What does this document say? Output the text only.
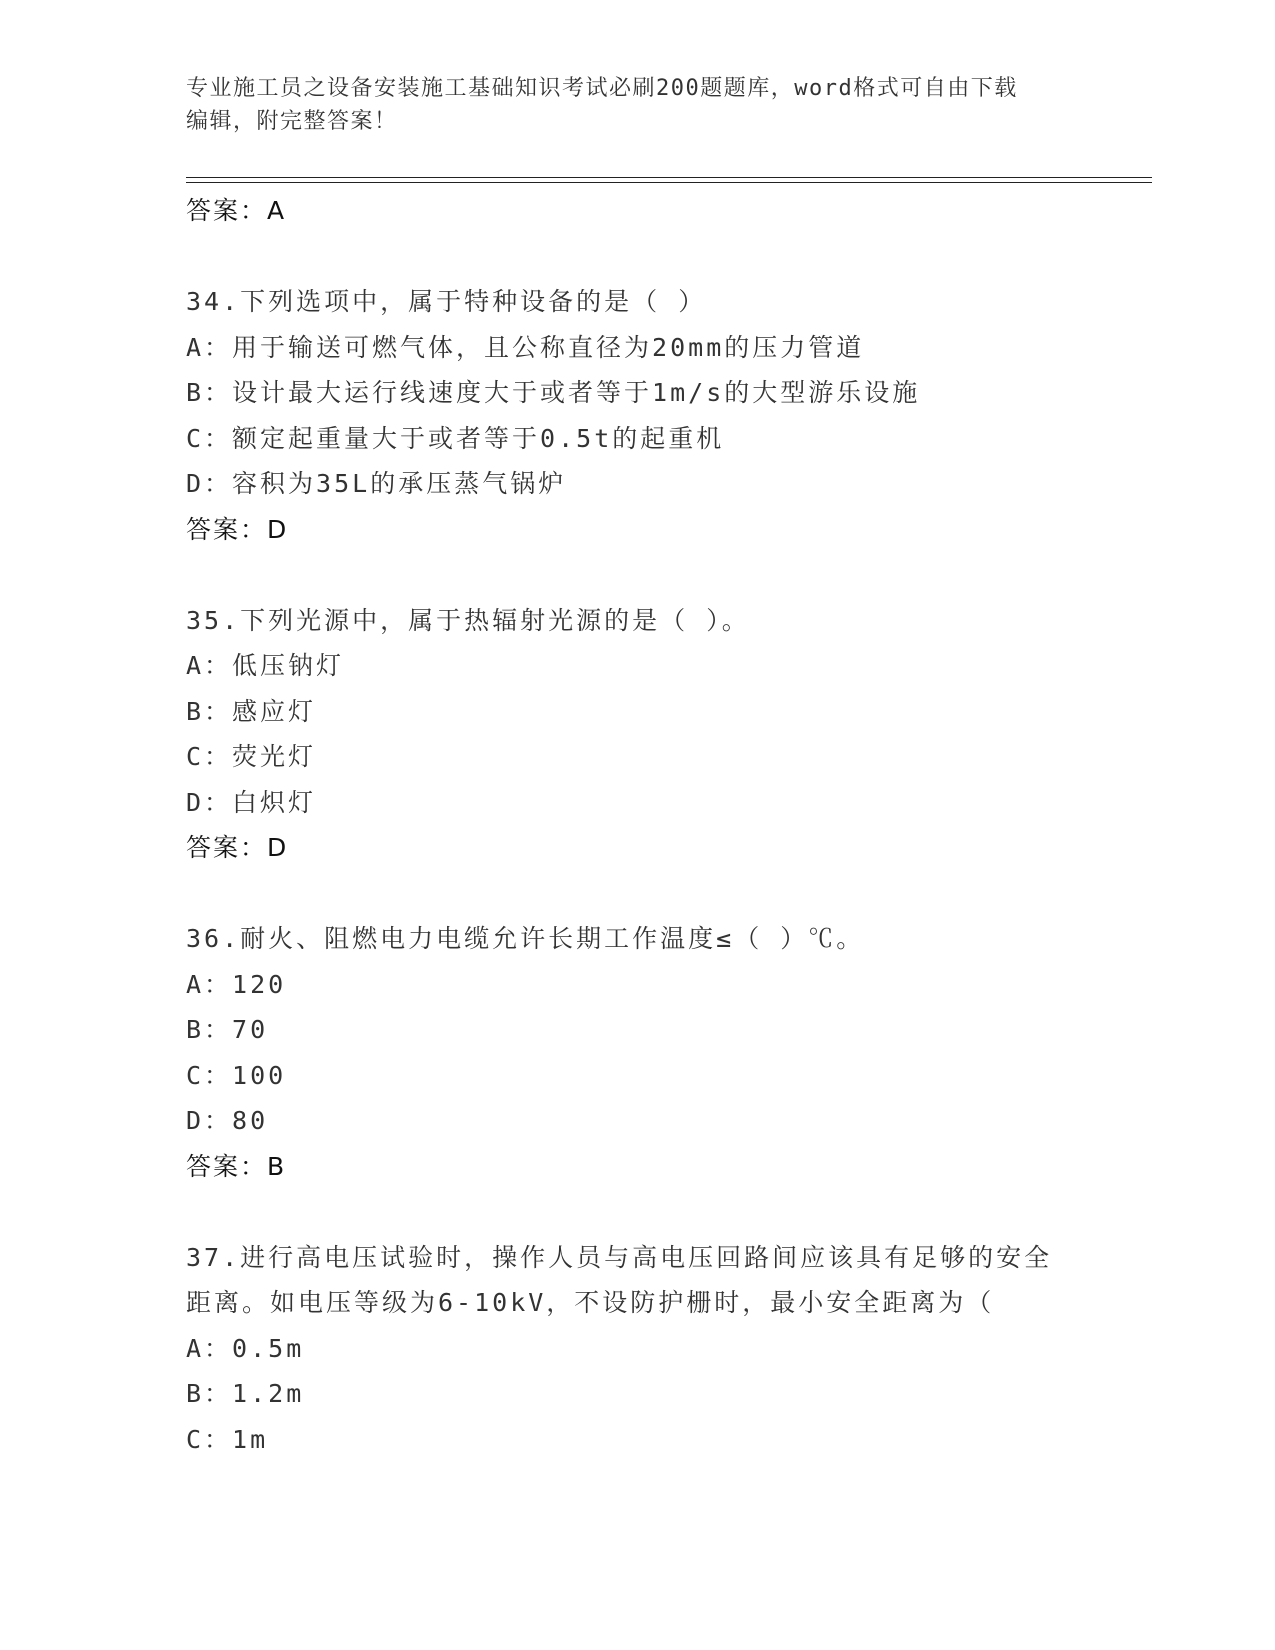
专业施工员之设备安装施工基础知识考试必刷200题题库，word格式可自由下载
编辑，附完整答案！
答案：A
34.下列选项中，属于特种设备的是（ ）
A：用于输送可燃气体，且公称直径为20mm的压力管道
B：设计最大运行线速度大于或者等于1m/s的大型游乐设施
C：额定起重量大于或者等于0.5t的起重机
D：容积为35L的承压蒸气锅炉
答案：D
35.下列光源中，属于热辐射光源的是（ ）。
A：低压钠灯
B：感应灯
C：荧光灯
D：白炽灯
答案：D
36.耐火、阻燃电力电缆允许长期工作温度≤（ ）℃。
A：120
B：70
C：100
D：80
答案：B
37.进行高电压试验时，操作人员与高电压回路间应该具有足够的安全
距离。如电压等级为6-10kV，不设防护栅时，最小安全距离为（
A：0.5m
B：1.2m
C：1m
